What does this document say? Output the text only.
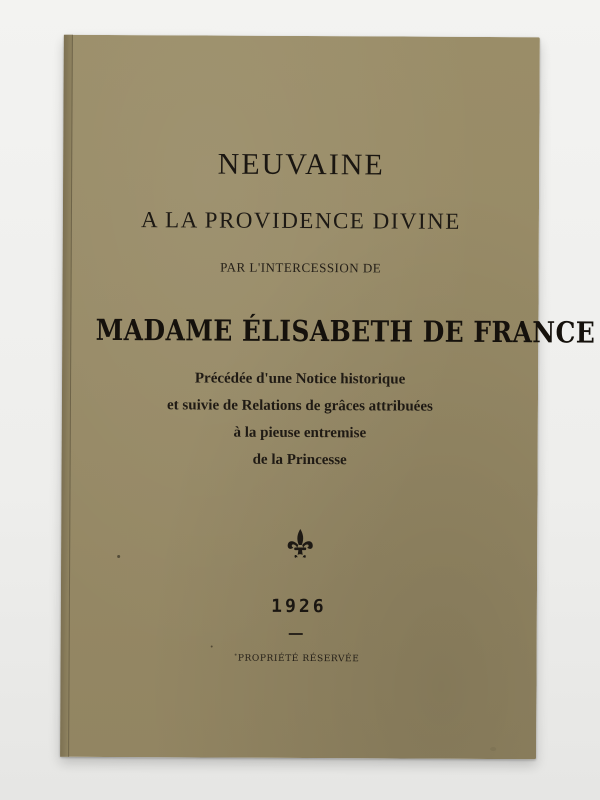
NEUVAINE
A LA PROVIDENCE DIVINE
PAR L'INTERCESSION DE
MADAME ÉLISABETH DE FRANCE
Précédée d'une Notice historique
et suivie de Relations de grâces attribuées
à la pieuse entremise
de la Princesse
1926
PROPRIÉTÉ RÉSERVÉE
